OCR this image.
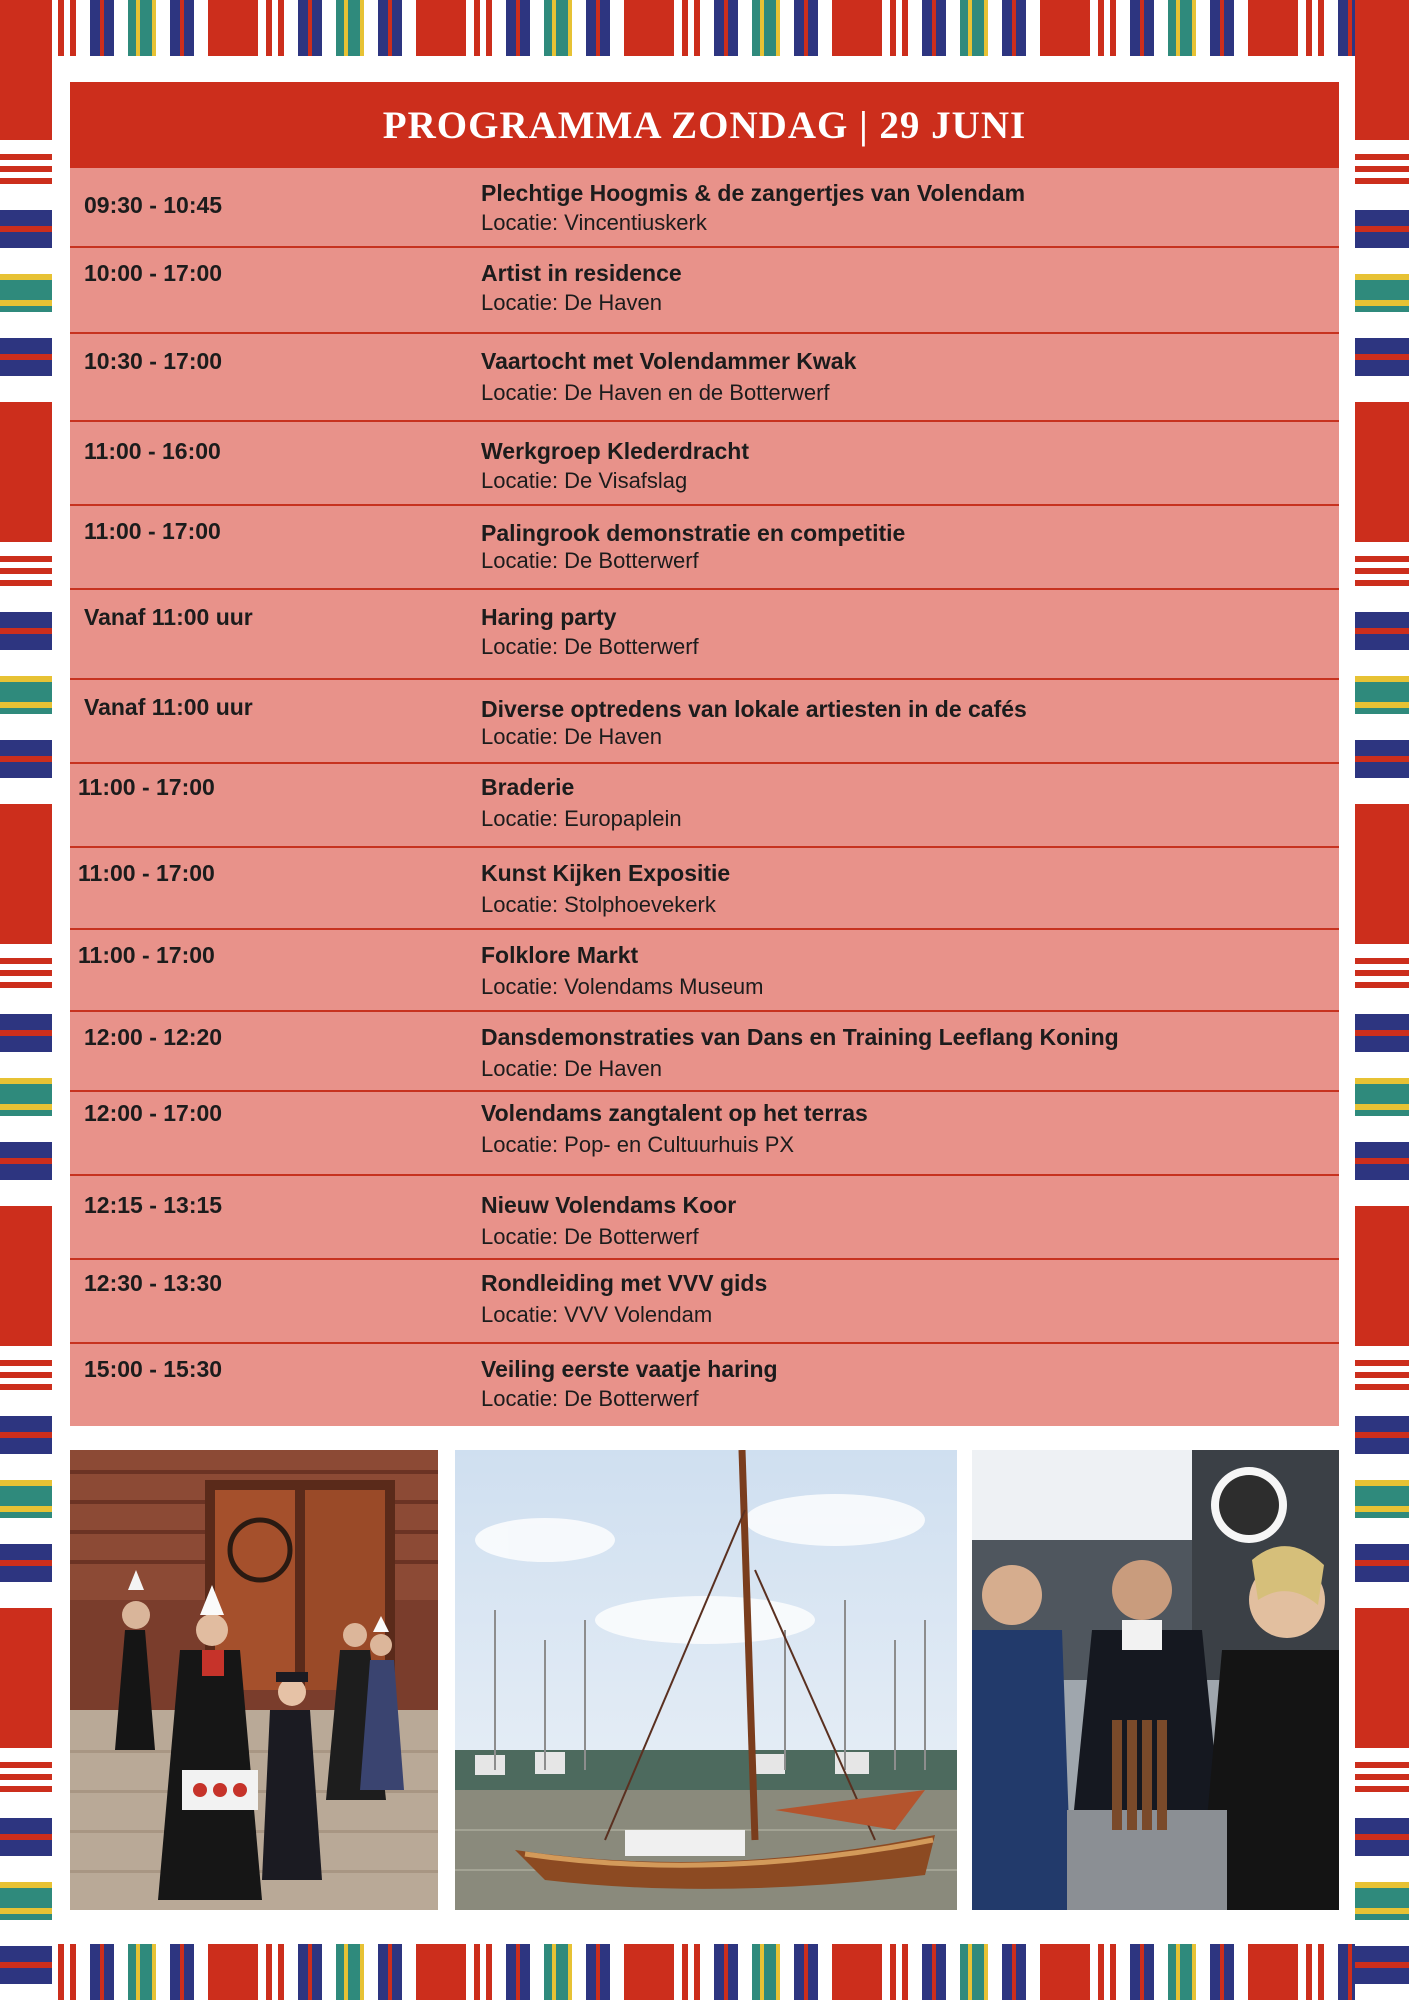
PROGRAMMA ZONDAG | 29 JUNI
09:30 - 10:45	Plechtige Hoogmis & de zangertjes van Volendam
Locatie: Vincentiuskerk
10:00 - 17:00	Artist in residence
Locatie: De Haven
10:30 - 17:00	Vaartocht met Volendammer Kwak
Locatie: De Haven en de Botterwerf
11:00 - 16:00	Werkgroep Klederdracht
Locatie: De Visafslag
11:00 - 17:00	Palingrook demonstratie en competitie
Locatie: De Botterwerf
Vanaf 11:00 uur	Haring party
Locatie: De Botterwerf
Vanaf 11:00 uur	Diverse optredens van lokale artiesten in de cafés
Locatie: De Haven
11:00 - 17:00	Braderie
Locatie: Europaplein
11:00 - 17:00	Kunst Kijken Expositie
Locatie: Stolphoevekerk
11:00 - 17:00	Folklore Markt
Locatie: Volendams Museum
12:00 - 12:20	Dansdemonstraties van Dans en Training Leeflang Koning
Locatie: De Haven
12:00 - 17:00	Volendams zangtalent op het terras
Locatie: Pop- en Cultuurhuis PX
12:15 - 13:15	Nieuw Volendams Koor
Locatie: De Botterwerf
12:30 - 13:30	Rondleiding met VVV gids
Locatie: VVV Volendam
15:00 - 15:30	Veiling eerste vaatje haring
Locatie: De Botterwerf
